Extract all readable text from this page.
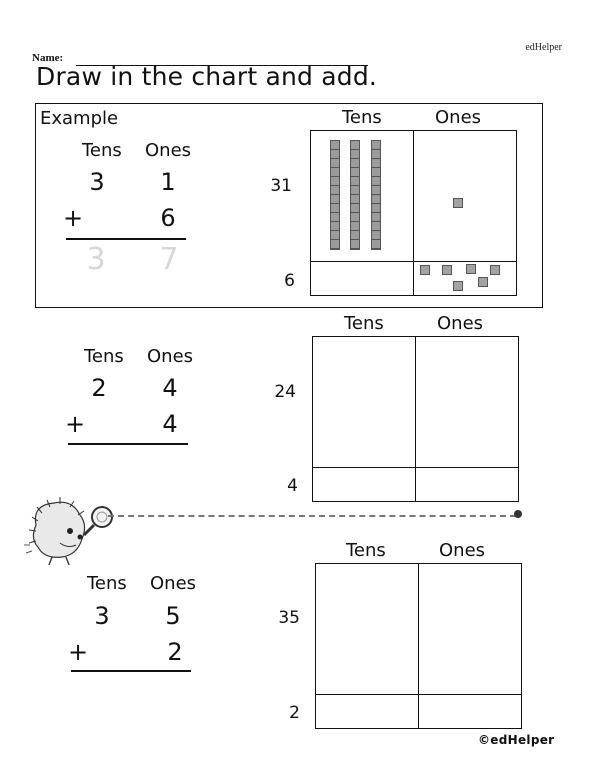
edHelper
Name:
Draw in the chart and add.
Example
Tens Ones
3	1
+	6
3 7
Tens	Ones
31
6
Tens Ones
2	4
+	4
Tens	Ones
24
4
Tens Ones
3	5
+	2
Tens	Ones
35
2
©edHelper
